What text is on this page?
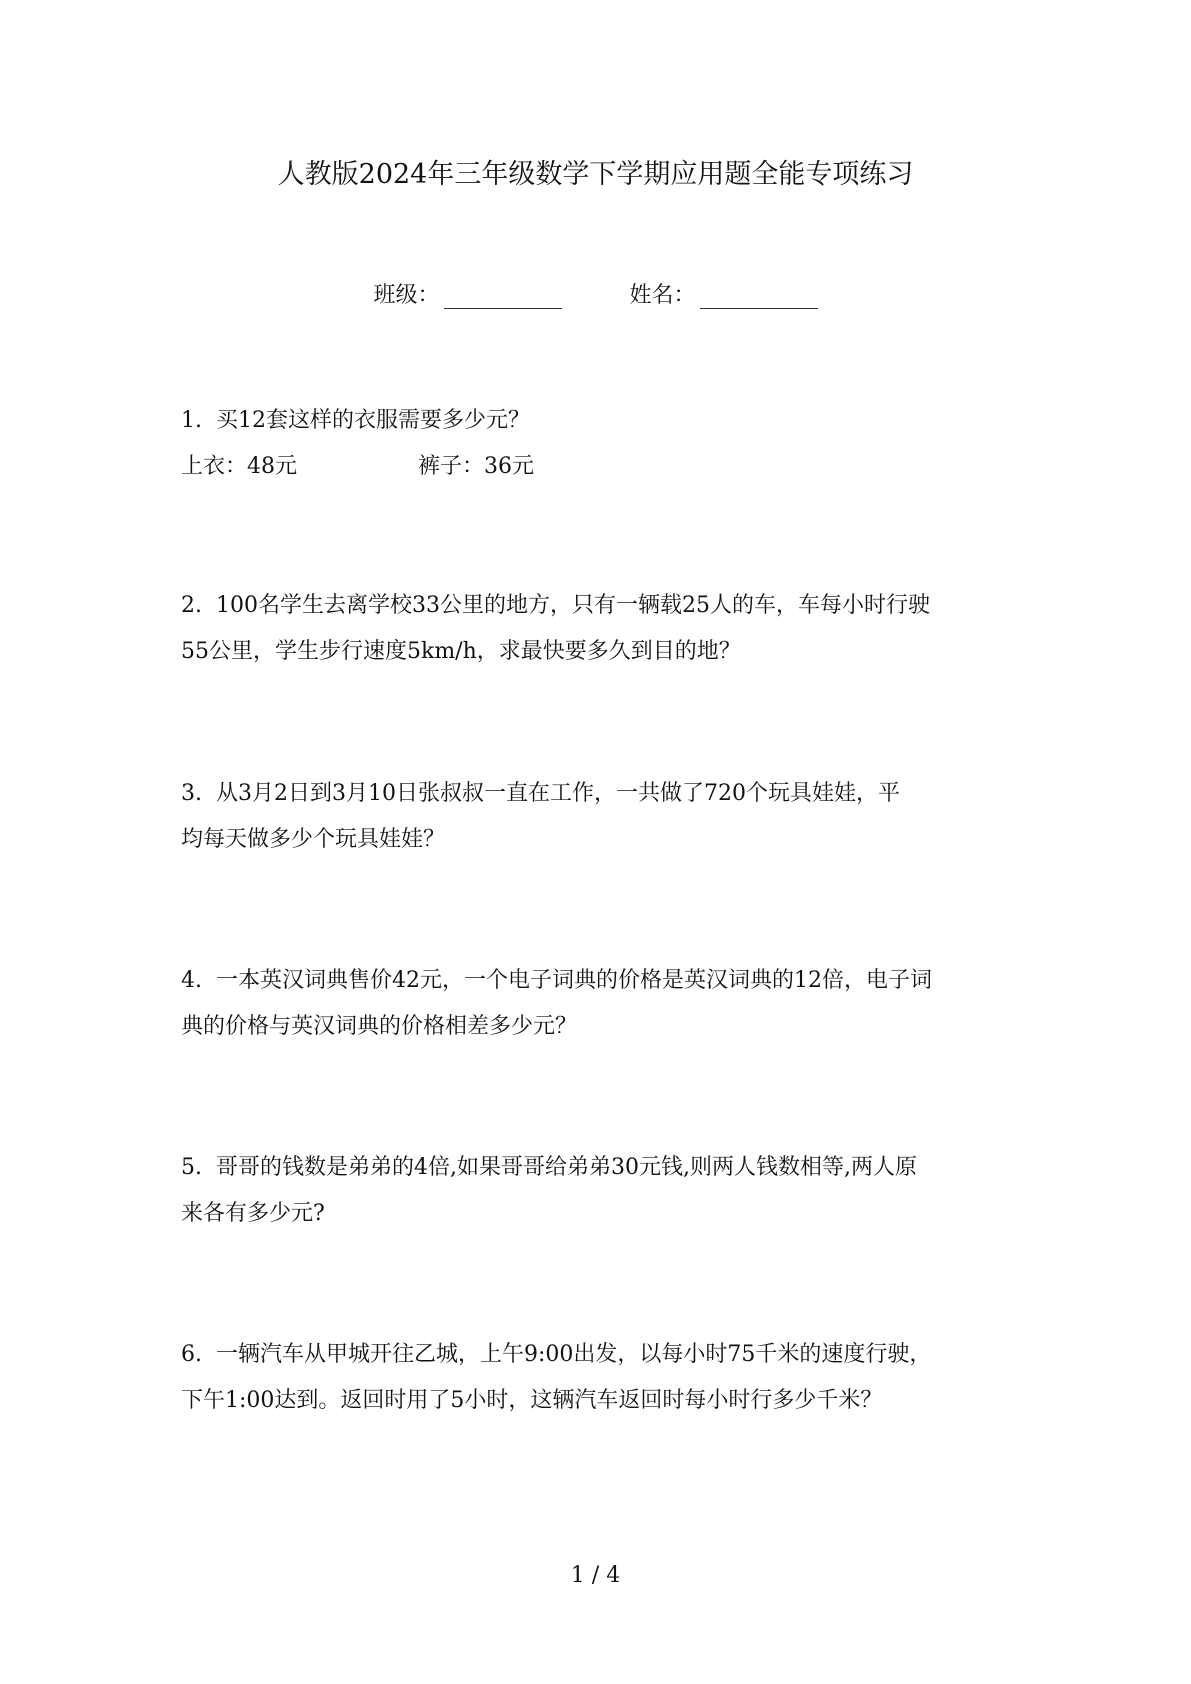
人教版2024年三年级数学下学期应用题全能专项练习
班级：	姓名：

1. 买12套这样的衣服需要多少元？

上衣：48元	裤子：36元

2. 100名学生去离学校33公里的地方，只有一辆载25人的车，车每小时行驶

55公里，学生步行速度5km/h，求最快要多久到目的地？

3. 从3月2日到3月10日张叔叔一直在工作，一共做了720个玩具娃娃，平

均每天做多少个玩具娃娃？

4. 一本英汉词典售价42元，一个电子词典的价格是英汉词典的12倍，电子词

典的价格与英汉词典的价格相差多少元？

5. 哥哥的钱数是弟弟的4倍,如果哥哥给弟弟30元钱,则两人钱数相等,两人原

来各有多少元?

6. 一辆汽车从甲城开往乙城，上午9:00出发，以每小时75千米的速度行驶，

下午1:00达到。返回时用了5小时，这辆汽车返回时每小时行多少千米？

1 / 4
